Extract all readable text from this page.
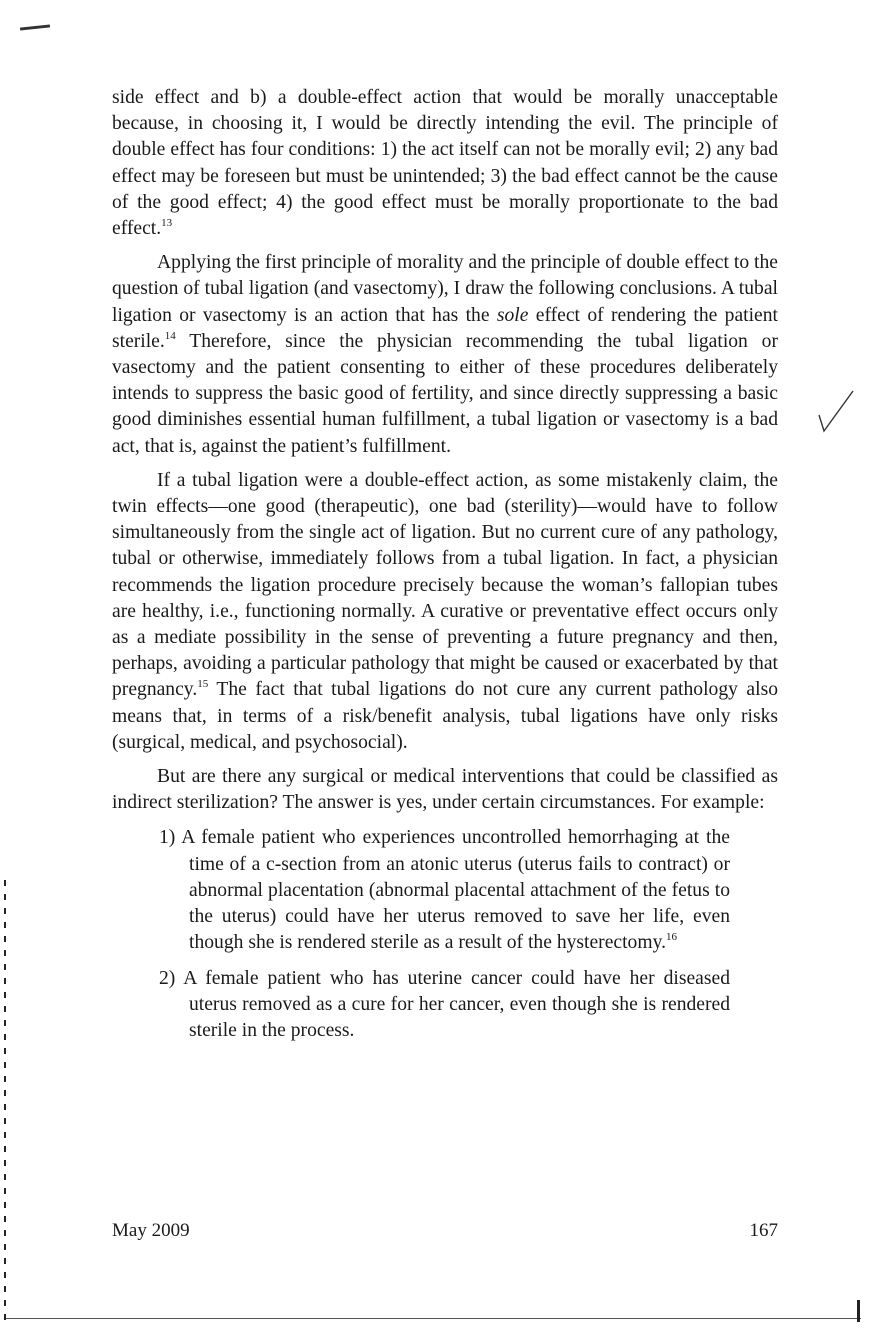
side effect and b) a double-effect action that would be morally unacceptable because, in choosing it, I would be directly intending the evil. The principle of double effect has four conditions: 1) the act itself can not be morally evil; 2) any bad effect may be foreseen but must be unintended; 3) the bad effect cannot be the cause of the good effect; 4) the good effect must be morally proportionate to the bad effect.$^{13}$

Applying the first principle of morality and the principle of double effect to the question of tubal ligation (and vasectomy), I draw the following conclusions. A tubal ligation or vasectomy is an action that has the sole effect of rendering the patient sterile.$^{14}$ Therefore, since the physician recommending the tubal ligation or vasectomy and the patient consenting to either of these procedures deliberately intends to suppress the basic good of fertility, and since directly suppressing a basic good diminishes essential human fulfillment, a tubal ligation or vasectomy is a bad act, that is, against the patient’s fulfillment.

If a tubal ligation were a double-effect action, as some mistakenly claim, the twin effects—one good (therapeutic), one bad (sterility)—would have to follow simultaneously from the single act of ligation. But no current cure of any pathology, tubal or otherwise, immediately follows from a tubal ligation. In fact, a physician recommends the ligation procedure precisely because the woman’s fallopian tubes are healthy, i.e., functioning normally. A curative or preventative effect occurs only as a mediate possibility in the sense of preventing a future pregnancy and then, perhaps, avoiding a particular pathology that might be caused or exacerbated by that pregnancy.$^{15}$ The fact that tubal ligations do not cure any current pathology also means that, in terms of a risk/benefit analysis, tubal ligations have only risks (surgical, medical, and psychosocial).

But are there any surgical or medical interventions that could be classified as indirect sterilization? The answer is yes, under certain circumstances. For example:

1) A female patient who experiences uncontrolled hemorrhaging at the time of a c-section from an atonic uterus (uterus fails to contract) or abnormal placentation (abnormal placental attachment of the fetus to the uterus) could have her uterus removed to save her life, even though she is rendered sterile as a result of the hysterectomy.$^{16}$

2) A female patient who has uterine cancer could have her diseased uterus removed as a cure for her cancer, even though she is rendered sterile in the process.

May 2009	167
